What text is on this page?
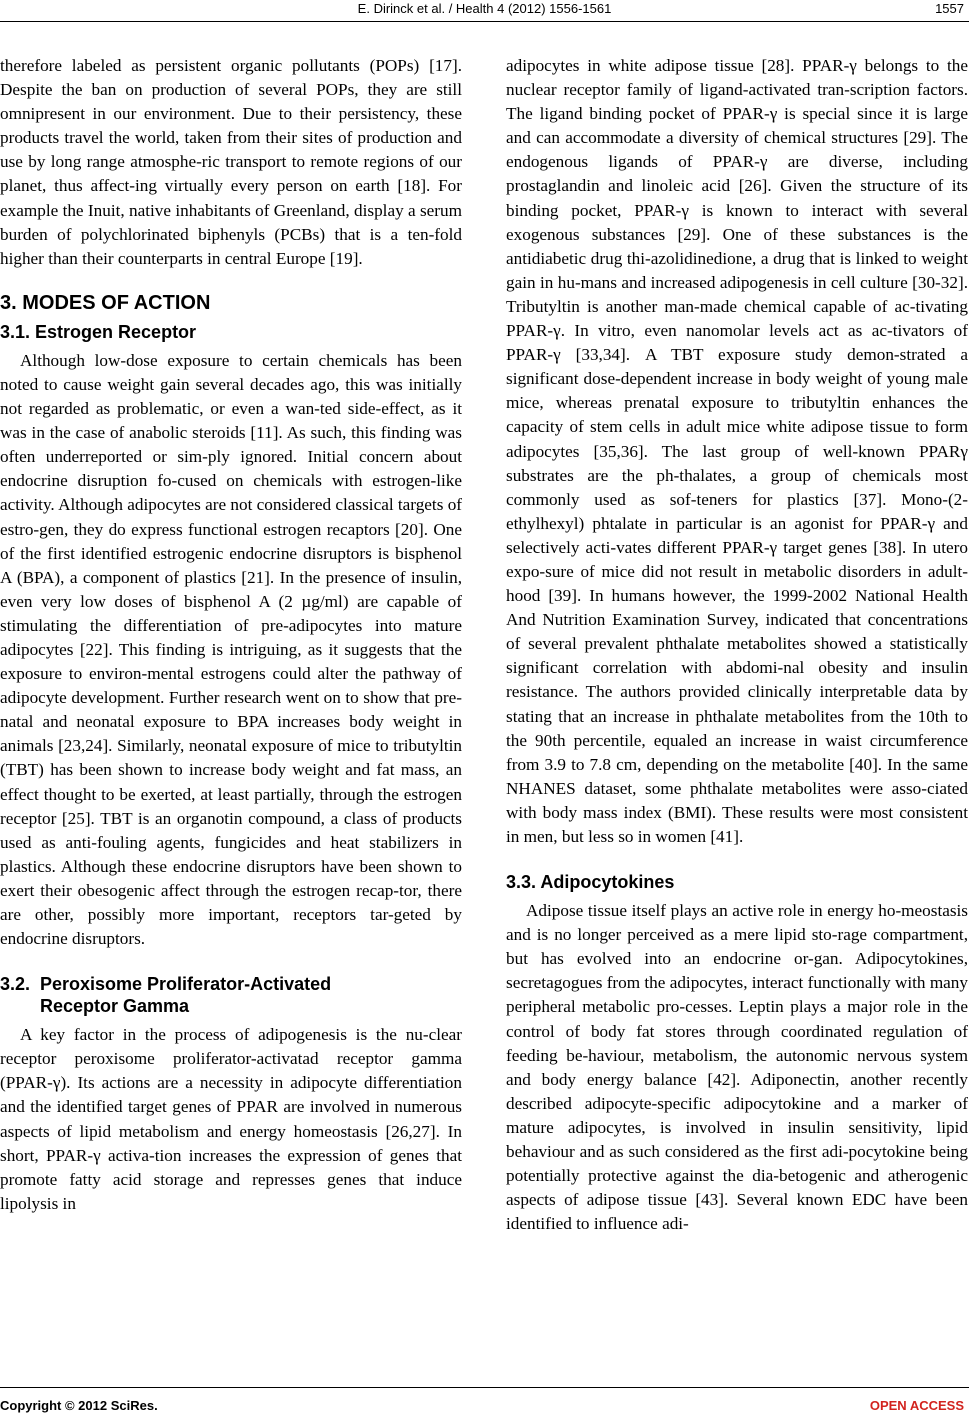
E. Dirinck et al. / Health 4 (2012) 1556-1561	1557

therefore labeled as persistent organic pollutants (POPs) [17]. Despite the ban on production of several POPs, they are still omnipresent in our environment. Due to their persistency, these products travel the world, taken from their sites of production and use by long range atmosphe-ric transport to remote regions of our planet, thus affect-ing virtually every person on earth [18]. For example the Inuit, native inhabitants of Greenland, display a serum burden of polychlorinated biphenyls (PCBs) that is a ten-fold higher than their counterparts in central Europe [19].

3. MODES OF ACTION
3.1. Estrogen Receptor

Although low-dose exposure to certain chemicals has been noted to cause weight gain several decades ago, this was initially not regarded as problematic, or even a wan-ted side-effect, as it was in the case of anabolic steroids [11]. As such, this finding was often underreported or sim-ply ignored. Initial concern about endocrine disruption fo-cused on chemicals with estrogen-like activity. Although adipocytes are not considered classical targets of estro-gen, they do express functional estrogen recaptors [20]. One of the first identified estrogenic endocrine disruptors is bisphenol A (BPA), a component of plastics [21]. In the presence of insulin, even very low doses of bisphenol A (2 µg/ml) are capable of stimulating the differentiation of pre-adipocytes into mature adipocytes [22]. This finding is intriguing, as it suggests that the exposure to environ-mental estrogens could alter the pathway of adipocyte development. Further research went on to show that pre-natal and neonatal exposure to BPA increases body weight in animals [23,24]. Similarly, neonatal exposure of mice to tributyltin (TBT) has been shown to increase body weight and fat mass, an effect thought to be exerted, at least partially, through the estrogen receptor [25]. TBT is an organotin compound, a class of products used as anti-fouling agents, fungicides and heat stabilizers in plastics. Although these endocrine disruptors have been shown to exert their obesogenic affect through the estrogen recap-tor, there are other, possibly more important, receptors tar-geted by endocrine disruptors.

3.2. Peroxisome Proliferator-Activated
Receptor Gamma

A key factor in the process of adipogenesis is the nu-clear receptor peroxisome proliferator-activatad receptor gamma (PPAR-γ). Its actions are a necessity in adipocyte differentiation and the identified target genes of PPAR are involved in numerous aspects of lipid metabolism and energy homeostasis [26,27]. In short, PPAR-γ activa-tion increases the expression of genes that promote fatty acid storage and represses genes that induce lipolysis in

adipocytes in white adipose tissue [28]. PPAR-γ belongs to the nuclear receptor family of ligand-activated tran-scription factors. The ligand binding pocket of PPAR-γ is special since it is large and can accommodate a diversity of chemical structures [29]. The endogenous ligands of PPAR-γ are diverse, including prostaglandin and linoleic acid [26]. Given the structure of its binding pocket, PPAR-γ is known to interact with several exogenous substances [29]. One of these substances is the antidiabetic drug thi-azolidinedione, a drug that is linked to weight gain in hu-mans and increased adipogenesis in cell culture [30-32]. Tributyltin is another man-made chemical capable of ac-tivating PPAR-γ. In vitro, even nanomolar levels act as ac-tivators of PPAR-γ [33,34]. A TBT exposure study demon-strated a significant dose-dependent increase in body weight of young male mice, whereas prenatal exposure to tributyltin enhances the capacity of stem cells in adult mice white adipose tissue to form adipocytes [35,36]. The last group of well-known PPARγ substrates are the ph-thalates, a group of chemicals most commonly used as sof-teners for plastics [37]. Mono-(2-ethylhexyl) phtalate in particular is an agonist for PPAR-γ and selectively acti-vates different PPAR-γ target genes [38]. In utero expo-sure of mice did not result in metabolic disorders in adult-hood [39]. In humans however, the 1999-2002 National Health And Nutrition Examination Survey, indicated that concentrations of several prevalent phthalate metabolites showed a statistically significant correlation with abdomi-nal obesity and insulin resistance. The authors provided clinically interpretable data by stating that an increase in phthalate metabolites from the 10th to the 90th percentile, equaled an increase in waist circumference from 3.9 to 7.8 cm, depending on the metabolite [40]. In the same NHANES dataset, some phthalate metabolites were asso-ciated with body mass index (BMI). These results were most consistent in men, but less so in women [41].

3.3. Adipocytokines

Adipose tissue itself plays an active role in energy ho-meostasis and is no longer perceived as a mere lipid sto-rage compartment, but has evolved into an endocrine or-gan. Adipocytokines, secretagogues from the adipocytes, interact functionally with many peripheral metabolic pro-cesses. Leptin plays a major role in the control of body fat stores through coordinated regulation of feeding be-haviour, metabolism, the autonomic nervous system and body energy balance [42]. Adiponectin, another recently described adipocyte-specific adipocytokine and a marker of mature adipocytes, is involved in insulin sensitivity, lipid behaviour and as such considered as the first adi-pocytokine being potentially protective against the dia-betogenic and atherogenic aspects of adipose tissue [43]. Several known EDC have been identified to influence adi-

Copyright © 2012 SciRes.	OPEN ACCESS
